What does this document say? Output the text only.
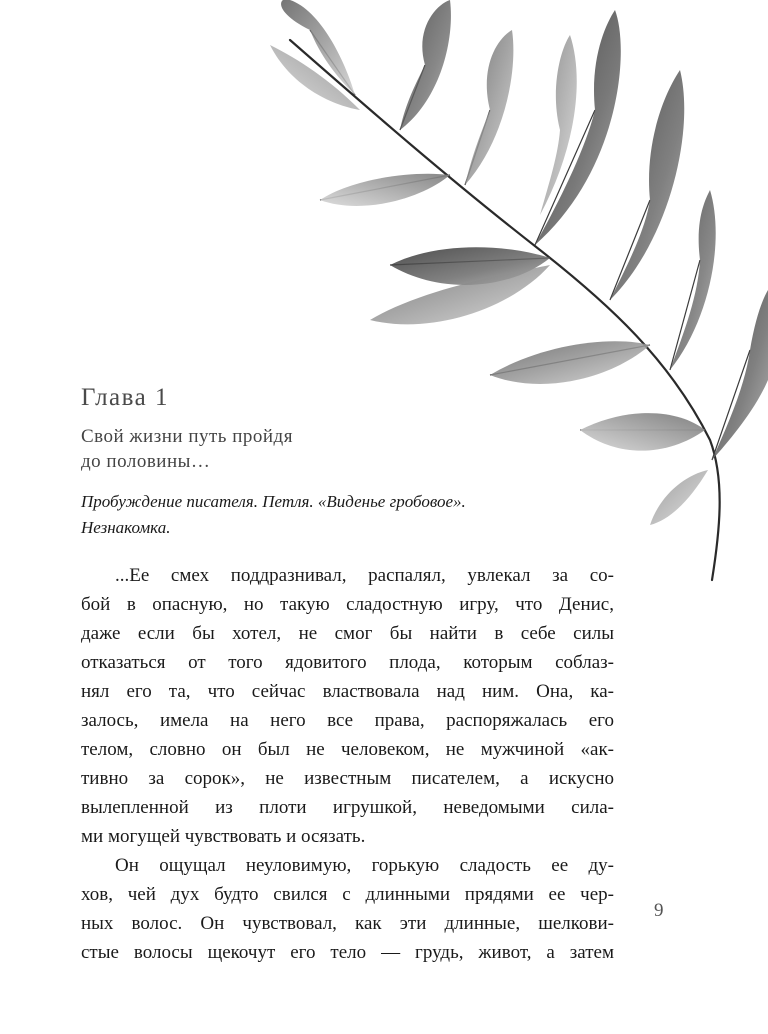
Глава 1
Свой жизни путь пройдя
до половины…
Пробуждение писателя. Петля. «Виденье гробовое».
Незнакомка.
...Ее смех поддразнивал, распалял, увлекал за со-
бой в опасную, но такую сладостную игру, что Денис,
даже если бы хотел, не смог бы найти в себе силы
отказаться от того ядовитого плода, которым соблаз-
нял его та, что сейчас властвовала над ним. Она, ка-
залось, имела на него все права, распоряжалась его
телом, словно он был не человеком, не мужчиной «ак-
тивно за сорок», не известным писателем, а искусно
вылепленной из плоти игрушкой, неведомыми сила-
ми могущей чувствовать и осязать.
Он ощущал неуловимую, горькую сладость ее ду-
хов, чей дух будто свился с длинными прядями ее чер-
ных волос. Он чувствовал, как эти длинные, шелкови-
стые волосы щекочут его тело — грудь, живот, а затем
9
